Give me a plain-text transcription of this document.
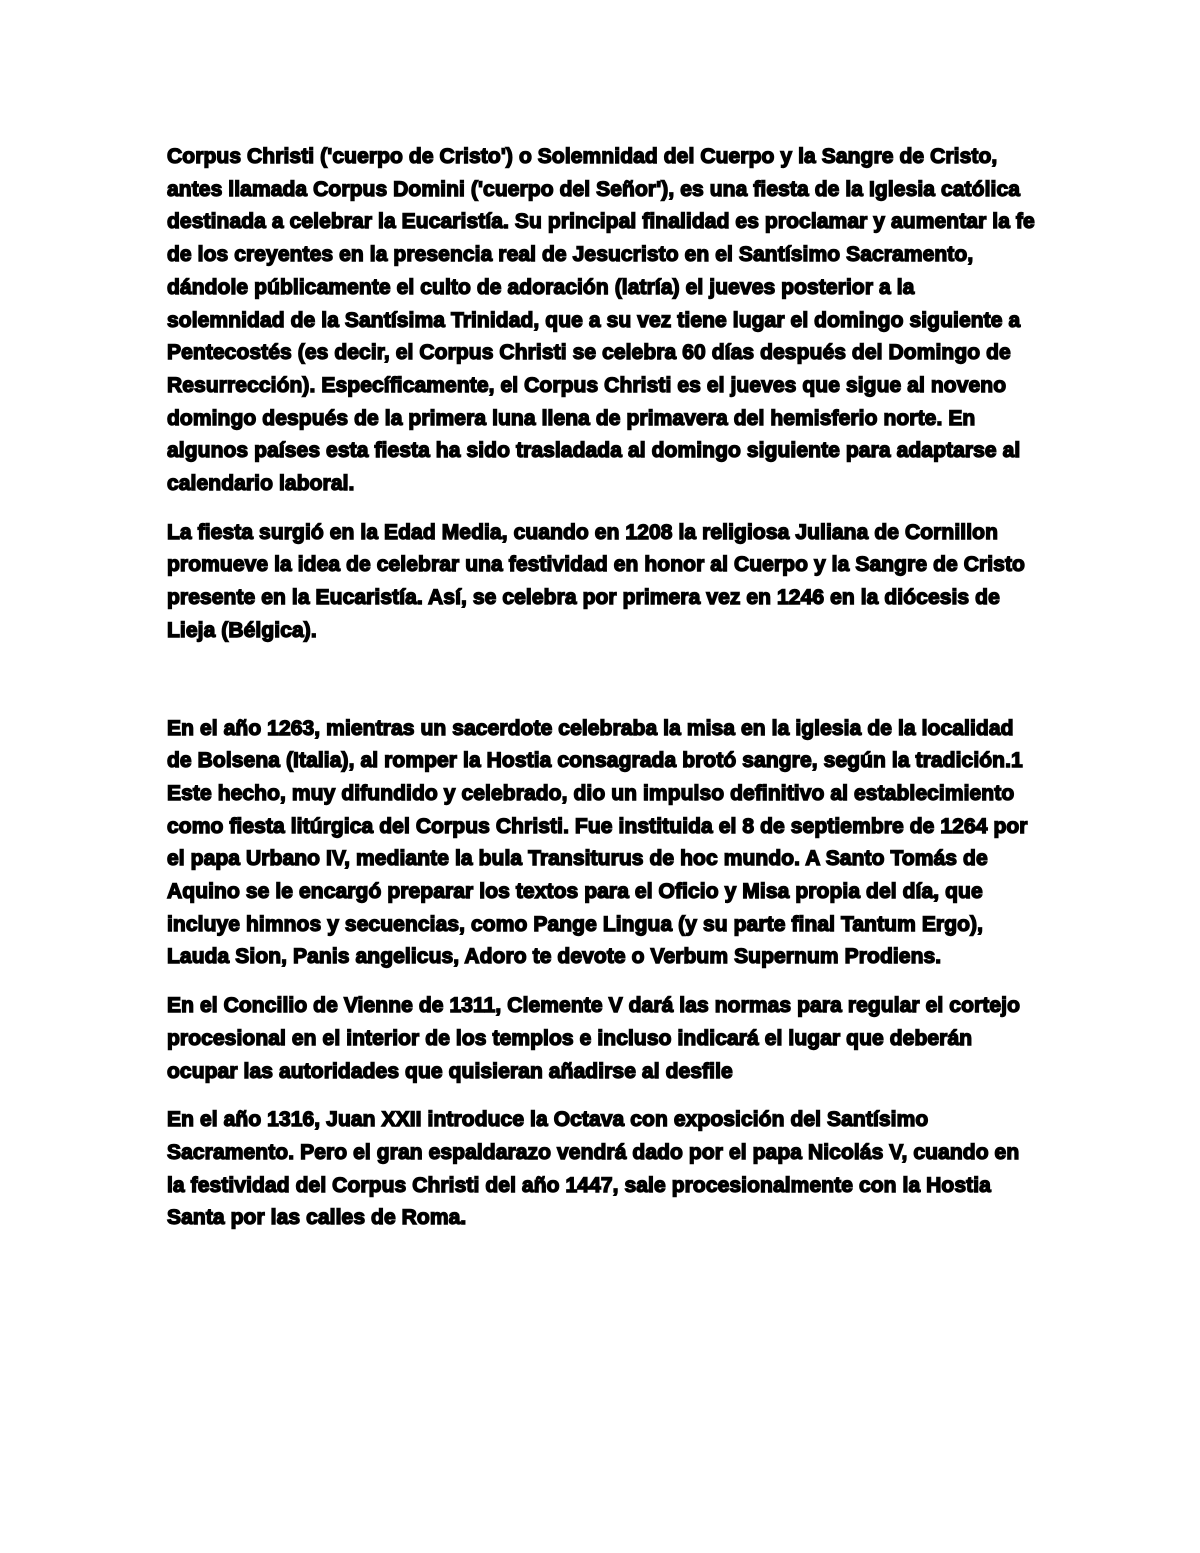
Corpus Christi ('cuerpo de Cristo') o Solemnidad del Cuerpo y la Sangre de Cristo, antes llamada Corpus Domini ('cuerpo del Señor'), es una fiesta de la Iglesia católica destinada a celebrar la Eucaristía. Su principal finalidad es proclamar y aumentar la fe de los creyentes en la presencia real de Jesucristo en el Santísimo Sacramento, dándole públicamente el culto de adoración (latría) el jueves posterior a la solemnidad de la Santísima Trinidad, que a su vez tiene lugar el domingo siguiente a Pentecostés (es decir, el Corpus Christi se celebra 60 días después del Domingo de Resurrección). Específicamente, el Corpus Christi es el jueves que sigue al noveno domingo después de la primera luna llena de primavera del hemisferio norte. En algunos países esta fiesta ha sido trasladada al domingo siguiente para adaptarse al calendario laboral.

La fiesta surgió en la Edad Media, cuando en 1208 la religiosa Juliana de Cornillon promueve la idea de celebrar una festividad en honor al Cuerpo y la Sangre de Cristo presente en la Eucaristía. Así, se celebra por primera vez en 1246 en la diócesis de Lieja (Bélgica).

En el año 1263, mientras un sacerdote celebraba la misa en la iglesia de la localidad de Bolsena (Italia), al romper la Hostia consagrada brotó sangre, según la tradición.1 Este hecho, muy difundido y celebrado, dio un impulso definitivo al establecimiento como fiesta litúrgica del Corpus Christi. Fue instituida el 8 de septiembre de 1264 por el papa Urbano IV, mediante la bula Transiturus de hoc mundo. A Santo Tomás de Aquino se le encargó preparar los textos para el Oficio y Misa propia del día, que incluye himnos y secuencias, como Pange Lingua (y su parte final Tantum Ergo), Lauda Sion, Panis angelicus, Adoro te devote o Verbum Supernum Prodiens.

En el Concilio de Vienne de 1311, Clemente V dará las normas para regular el cortejo procesional en el interior de los templos e incluso indicará el lugar que deberán ocupar las autoridades que quisieran añadirse al desfile

En el año 1316, Juan XXII introduce la Octava con exposición del Santísimo Sacramento. Pero el gran espaldarazo vendrá dado por el papa Nicolás V, cuando en la festividad del Corpus Christi del año 1447, sale procesionalmente con la Hostia Santa por las calles de Roma.
